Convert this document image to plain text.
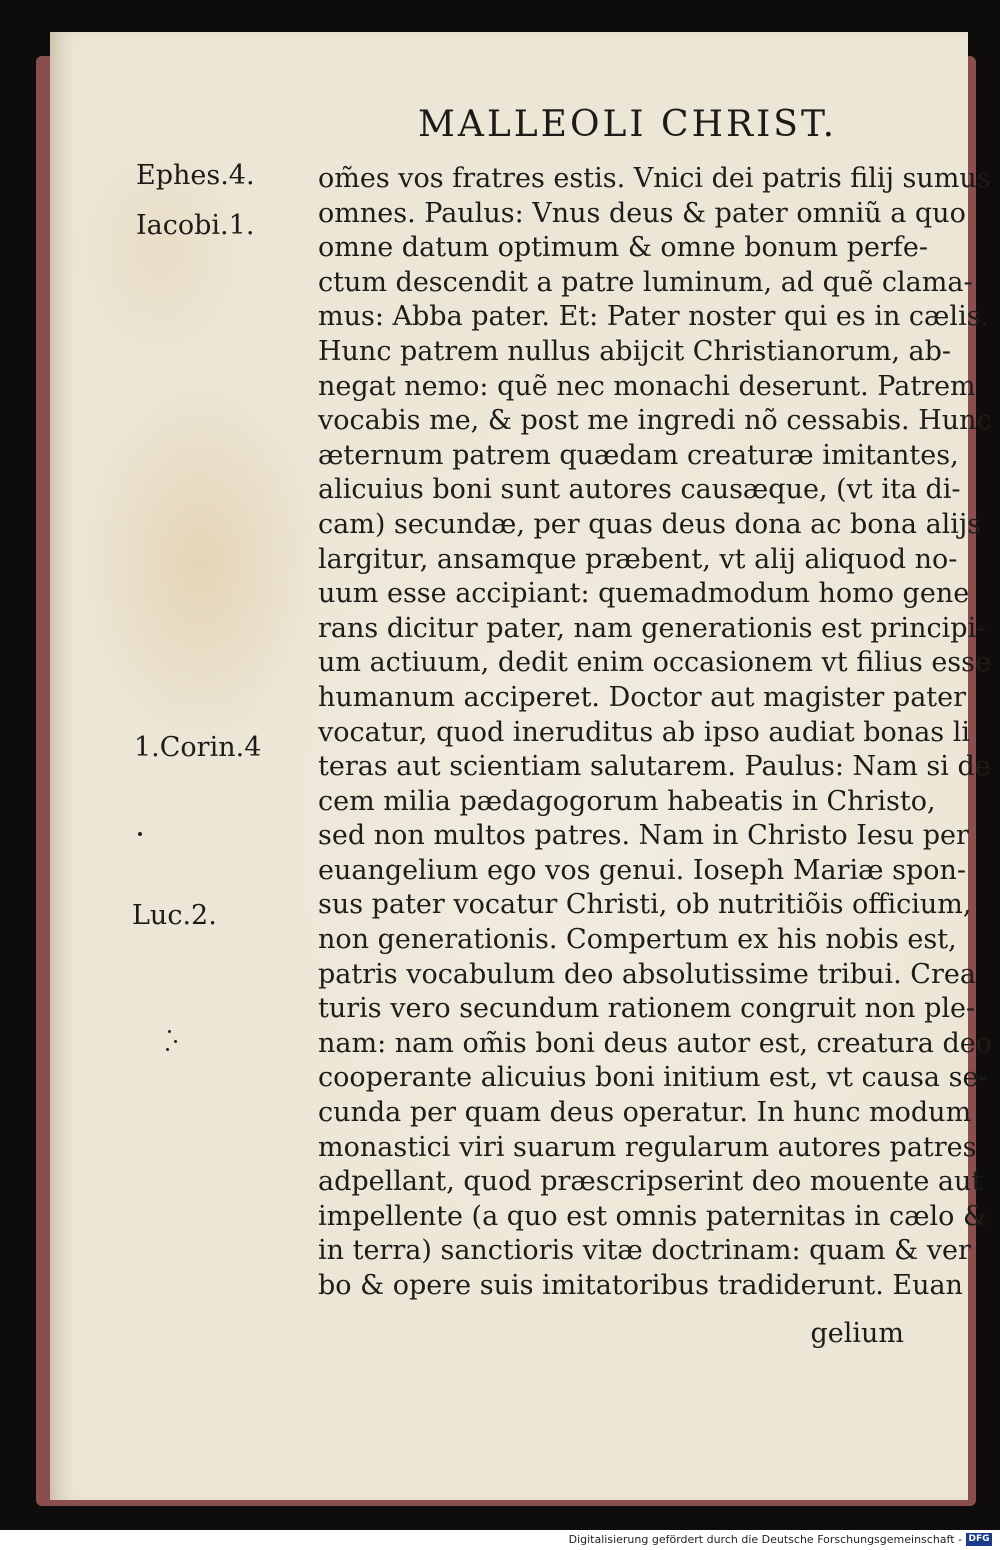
MALLEOLI CHRIST.
Ephes.4.
Iacobi.1.
1.Corin.4
Luc.2.
om̃es vos fratres estis. Vnici dei patris filij sumus
omnes. Paulus: Vnus deus & pater omniũ a quo
omne datum optimum & omne bonum perfe-
ctum descendit a patre luminum, ad quẽ clama-
mus: Abba pater. Et: Pater noster qui es in cælis.
Hunc patrem nullus abijcit Christianorum, ab-
negat nemo: quẽ nec monachi deserunt. Patrem
vocabis me, & post me ingredi nõ cessabis. Hunc
æternum patrem quædam creaturæ imitantes,
alicuius boni sunt autores causæque, (vt ita di-
cam) secundæ, per quas deus dona ac bona alijs
largitur, ansamque præbent, vt alij aliquod no-
uum esse accipiant: quemadmodum homo gene
rans dicitur pater, nam generationis est principi-
um actiuum, dedit enim occasionem vt filius esse
humanum acciperet. Doctor aut magister pater
vocatur, quod ineruditus ab ipso audiat bonas li
teras aut scientiam salutarem. Paulus: Nam si de
cem milia pædagogorum habeatis in Christo,
sed non multos patres. Nam in Christo Iesu per
euangelium ego vos genui. Ioseph Mariæ spon-
sus pater vocatur Christi, ob nutritiõis officium,
non generationis. Compertum ex his nobis est,
patris vocabulum deo absolutissime tribui. Crea
turis vero secundum rationem congruit non ple-
nam: nam om̃is boni deus autor est, creatura deo
cooperante alicuius boni initium est, vt causa se-
cunda per quam deus operatur. In hunc modum
monastici viri suarum regularum autores patres
adpellant, quod præscripserint deo mouente aut
impellente (a quo est omnis paternitas in cælo &
in terra) sanctioris vitæ doctrinam: quam & ver
bo & opere suis imitatoribus tradiderunt. Euan
gelium
Digitalisierung gefördert durch die Deutsche Forschungsgemeinschaft - DFG
